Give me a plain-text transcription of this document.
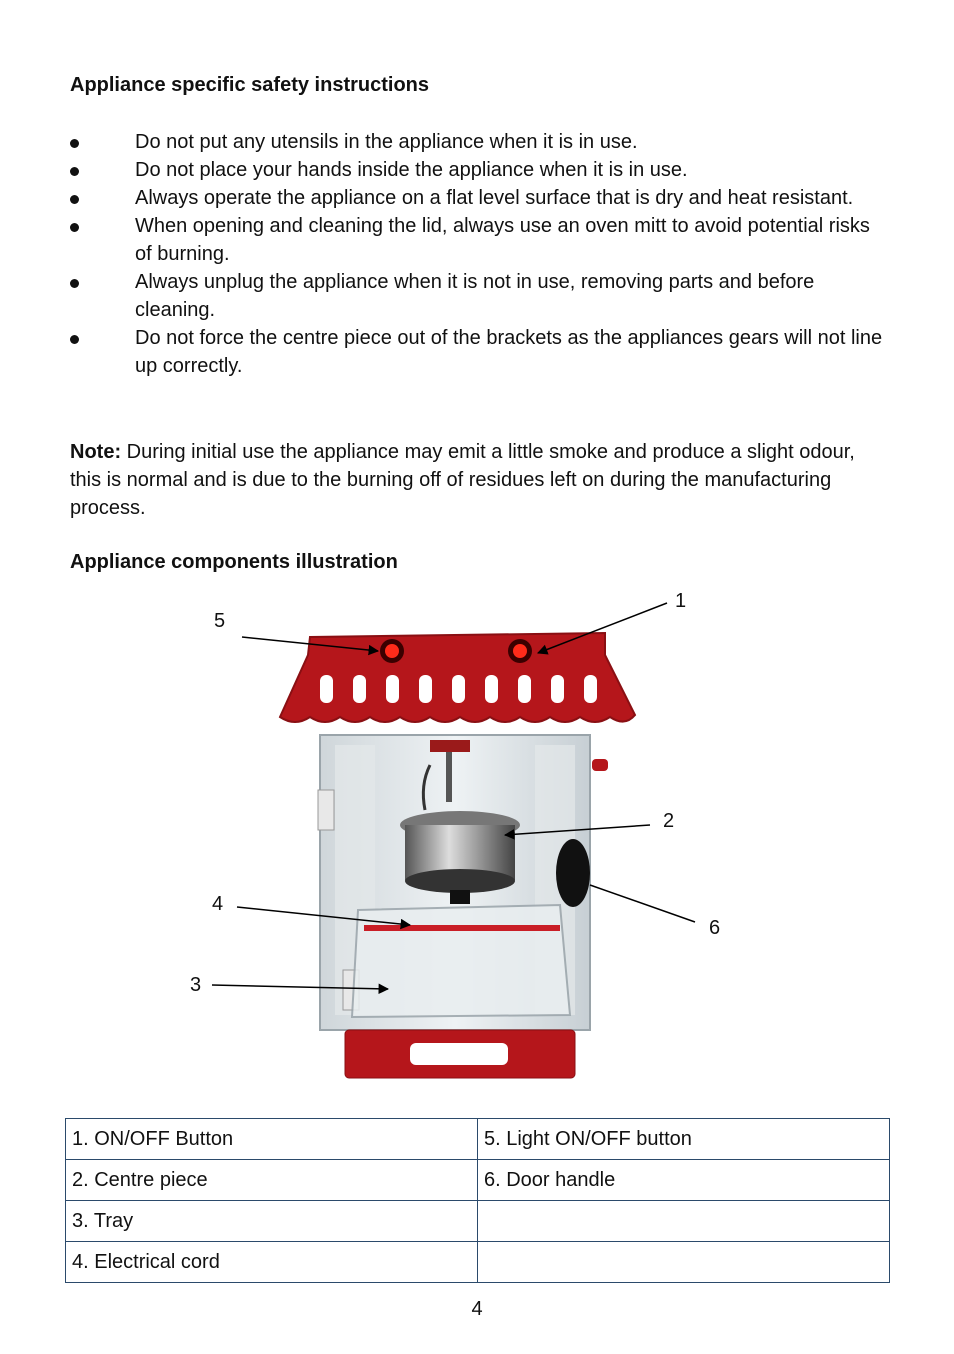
Appliance specific safety instructions
Do not put any utensils in the appliance when it is in use.
Do not place your hands inside the appliance when it is in use.
Always operate the appliance on a flat level surface that is dry and heat resistant.
When opening and cleaning the lid, always use an oven mitt to avoid potential risks of burning.
Always unplug the appliance when it is not in use, removing parts and before cleaning.
Do not force the centre piece out of the brackets as the appliances gears will not line up correctly.
Note: During initial use the appliance may emit a little smoke and produce a slight odour, this is normal and is due to the burning off of residues left on during the manufacturing process.
Appliance components illustration
1
2
3
4
5
6
1. ON/OFF Button	5. Light ON/OFF button
2. Centre piece	6. Door handle
3. Tray	
4. Electrical cord	
4
